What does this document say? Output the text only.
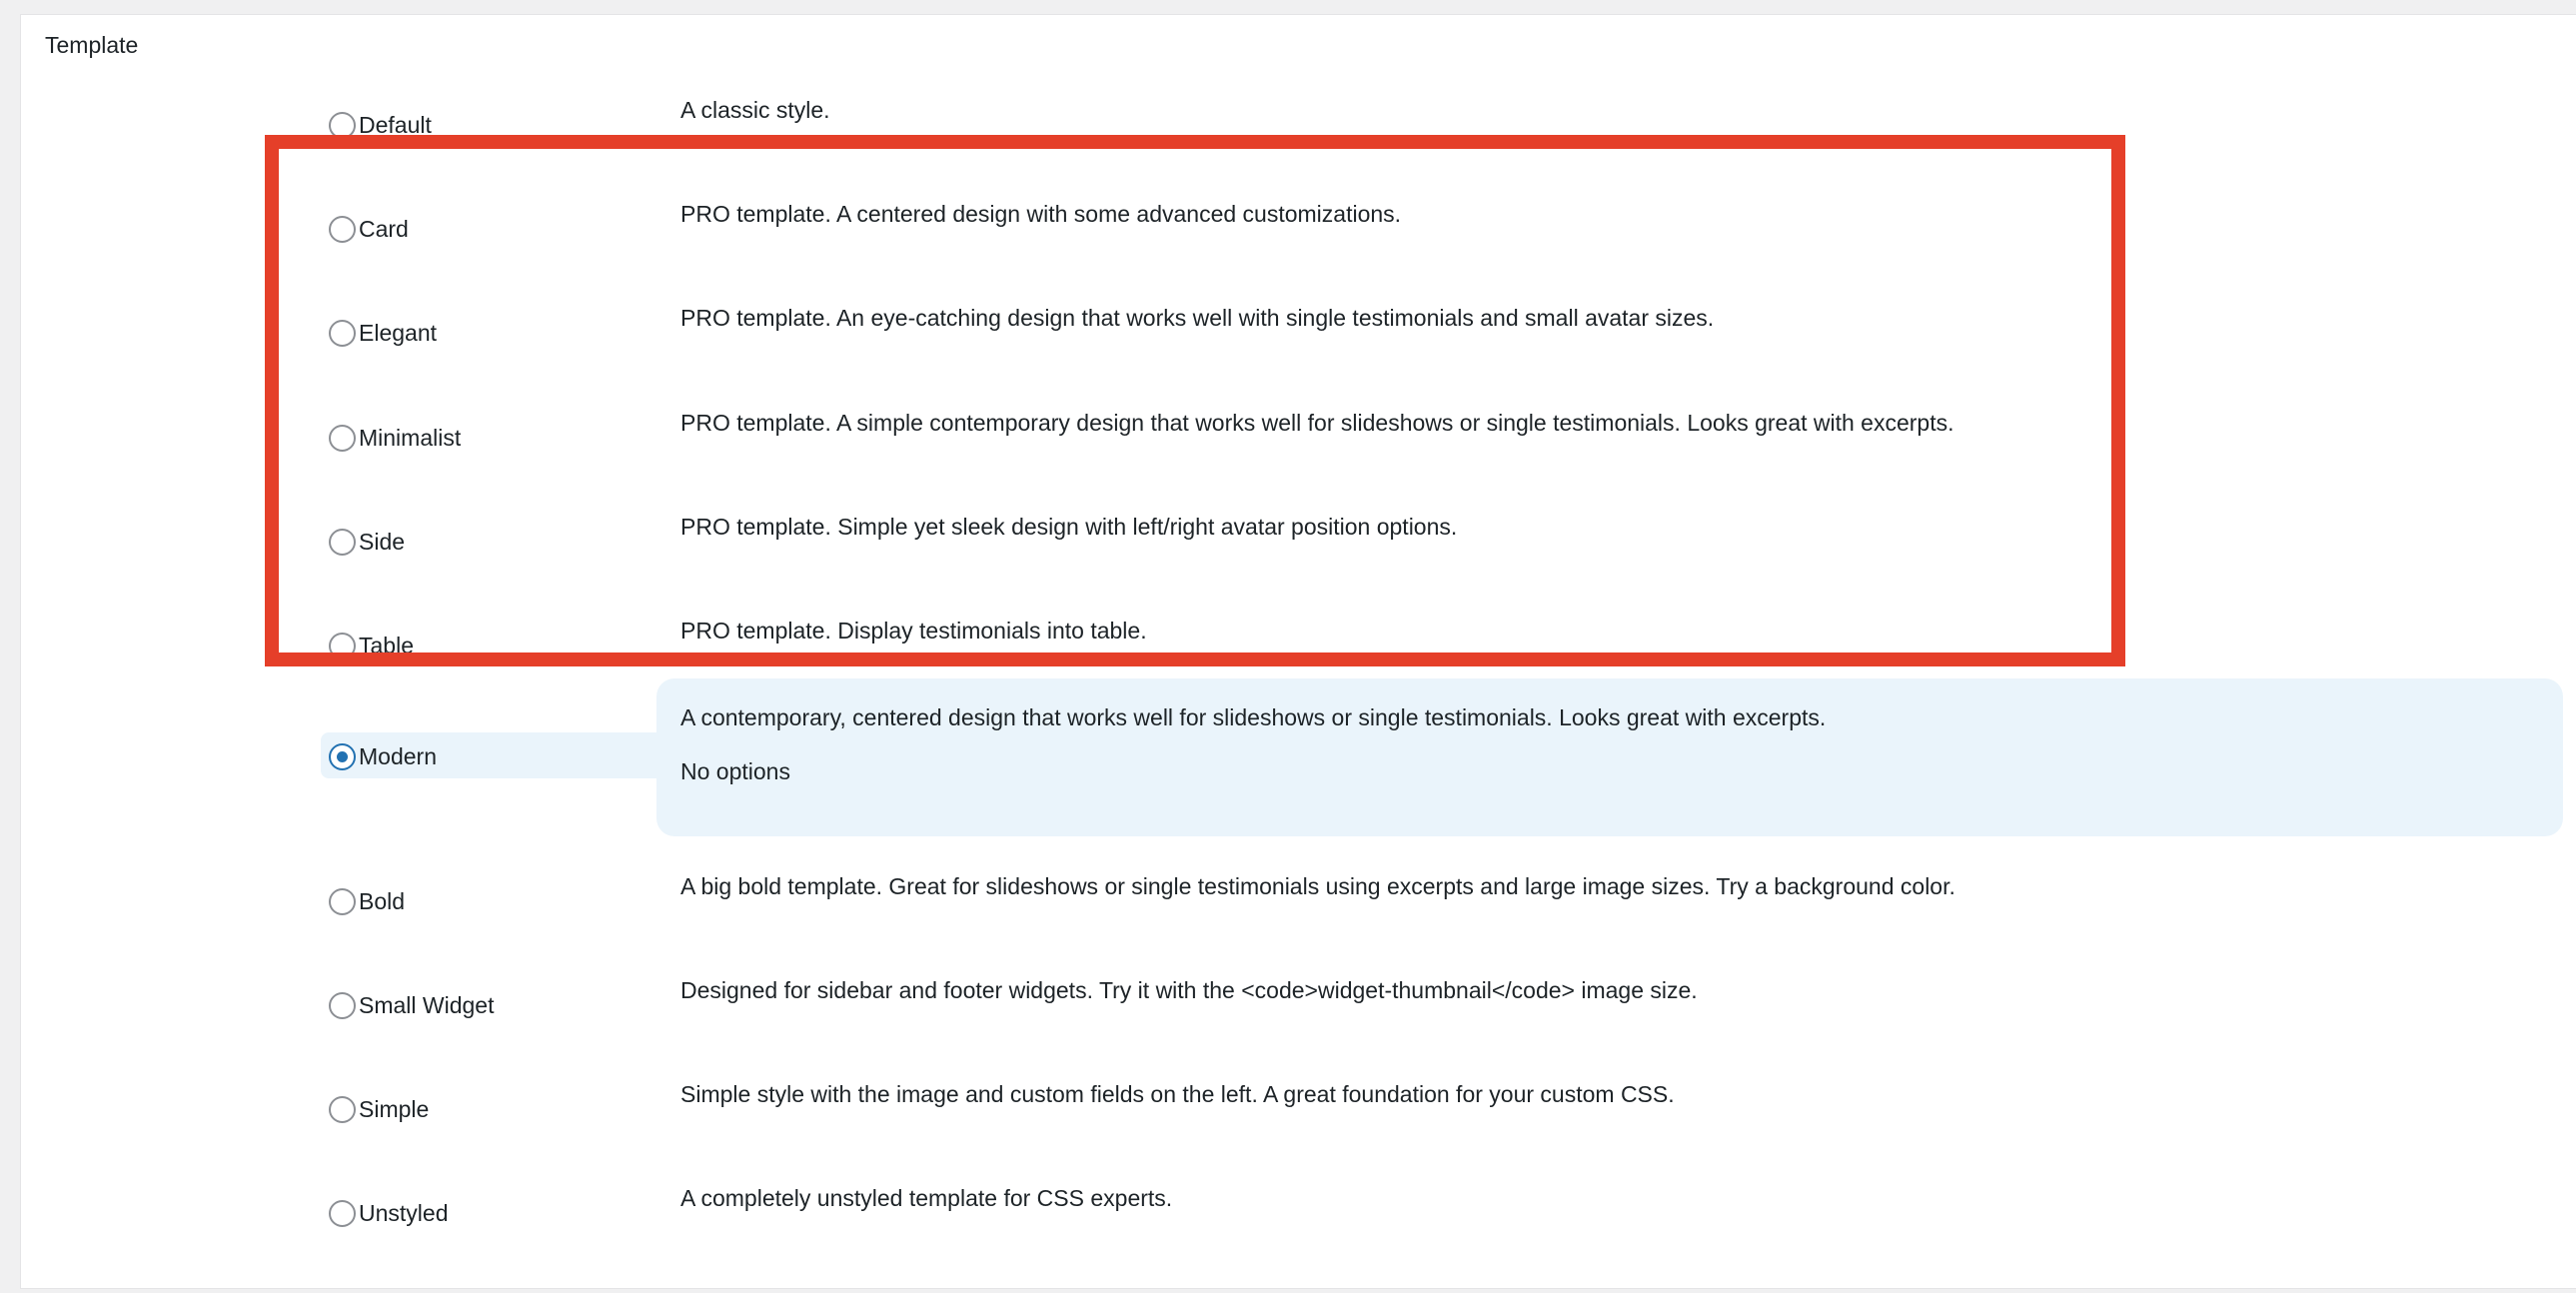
Template
Default
A classic style.
Card
PRO template. A centered design with some advanced customizations.
Elegant
PRO template. An eye-catching design that works well with single testimonials and small avatar sizes.
Minimalist
PRO template. A simple contemporary design that works well for slideshows or single testimonials. Looks great with excerpts.
Side
PRO template. Simple yet sleek design with left/right avatar position options.
Table
PRO template. Display testimonials into table.
A contemporary, centered design that works well for slideshows or single testimonials. Looks great with excerpts.
No options
Modern
Bold
A big bold template. Great for slideshows or single testimonials using excerpts and large image sizes. Try a background color.
Small Widget
Designed for sidebar and footer widgets. Try it with the <code>widget-thumbnail</code> image size.
Simple
Simple style with the image and custom fields on the left. A great foundation for your custom CSS.
Unstyled
A completely unstyled template for CSS experts.
